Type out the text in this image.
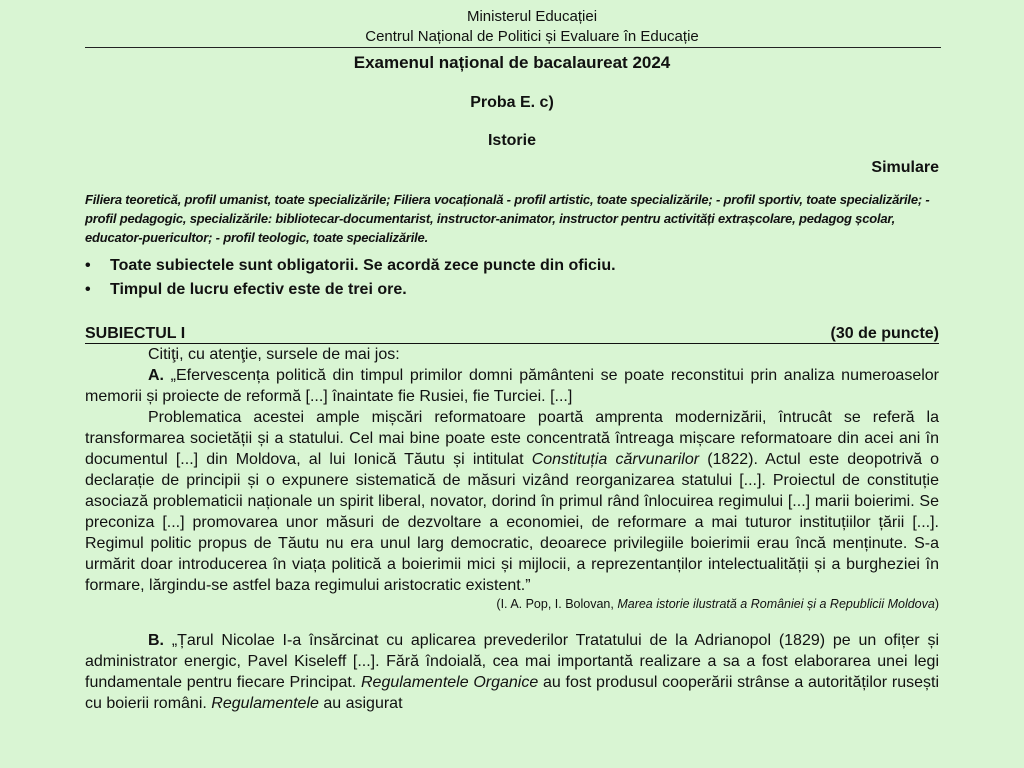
Ministerul Educației
Centrul Național de Politici și Evaluare în Educație
Examenul național de bacalaureat 2024
Proba E. c)
Istorie
Simulare
Filiera teoretică, profil umanist, toate specializările; Filiera vocațională - profil artistic, toate specializările; - profil sportiv, toate specializările; - profil pedagogic, specializările: bibliotecar-documentarist, instructor-animator, instructor pentru activități extrașcolare, pedagog școlar, educator-puericultor; - profil teologic, toate specializările.
• Toate subiectele sunt obligatorii. Se acordă zece puncte din oficiu.
• Timpul de lucru efectiv este de trei ore.
SUBIECTUL I	(30 de puncte)

Citiţi, cu atenţie, sursele de mai jos:

A. „Efervescența politică din timpul primilor domni pământeni se poate reconstitui prin analiza numeroaselor memorii și proiecte de reformă [...] înaintate fie Rusiei, fie Turciei. [...]

Problematica acestei ample mișcări reformatoare poartă amprenta modernizării, întrucât se referă la transformarea societății și a statului. Cel mai bine poate este concentrată întreaga mișcare reformatoare din acei ani în documentul [...] din Moldova, al lui Ionică Tăutu și intitulat Constituția cărvunarilor (1822). Actul este deopotrivă o declarație de principii și o expunere sistematică de măsuri vizând reorganizarea statului [...]. Proiectul de constituție asociază problematicii naționale un spirit liberal, novator, dorind în primul rând înlocuirea regimului [...] marii boierimi. Se preconiza [...] promovarea unor măsuri de dezvoltare a economiei, de reformare a mai tuturor instituțiilor țării [...]. Regimul politic propus de Tăutu nu era unul larg democratic, deoarece privilegiile boierimii erau încă menținute. S-a urmărit doar introducerea în viața politică a boierimii mici și mijlocii, a reprezentanților intelectualității și a burgheziei în formare, lărgindu-se astfel baza regimului aristocratic existent.”

(I. A. Pop, I. Bolovan, Marea istorie ilustrată a României și a Republicii Moldova)

B. „Țarul Nicolae I-a însărcinat cu aplicarea prevederilor Tratatului de la Adrianopol (1829) pe un ofițer și administrator energic, Pavel Kiseleff [...]. Fără îndoială, cea mai importantă realizare a sa a fost elaborarea unei legi fundamentale pentru fiecare Principat. Regulamentele Organice au fost produsul cooperării strânse a autorităților rusești cu boierii români. Regulamentele au asigurat
